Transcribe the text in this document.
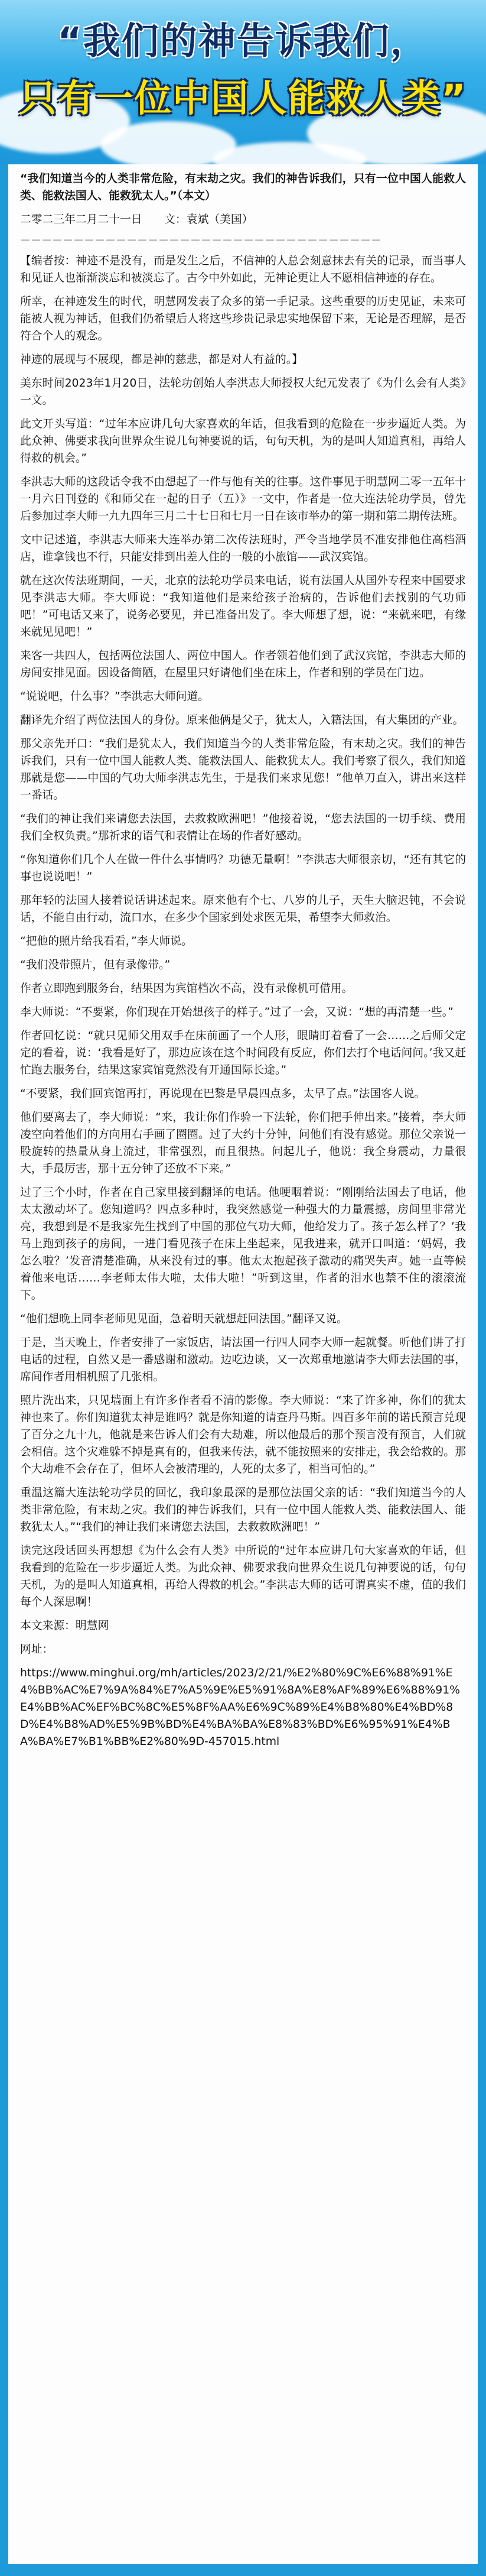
“我们的神告诉我们，
只有一位中国人能救人类”

“我们知道当今的人类非常危险，有末劫之灾。我们的神告诉我们，只有一位中国人能救人类、能救法国人、能救犹太人。”（本文）

二零二三年二月二十一日　　文：袁斌（美国）

－－－－－－－－－－－－－－－－－－－－－－－－－－－－－－－－－－

【编者按：神迹不是没有，而是发生之后，不信神的人总会刻意抹去有关的记录，而当事人和见证人也渐渐淡忘和被淡忘了。古今中外如此，无神论更让人不愿相信神迹的存在。

所幸，在神迹发生的时代，明慧网发表了众多的第一手记录。这些重要的历史见证，未来可能被人视为神话，但我们仍希望后人将这些珍贵记录忠实地保留下来，无论是否理解，是否符合个人的观念。

神迹的展现与不展现，都是神的慈悲，都是对人有益的。】

美东时间2023年1月20日，法轮功创始人李洪志大师授权大纪元发表了《为什么会有人类》一文。

此文开头写道：“过年本应讲几句大家喜欢的年话，但我看到的危险在一步步逼近人类。为此众神、佛要求我向世界众生说几句神要说的话，句句天机，为的是叫人知道真相，再给人得救的机会。”

李洪志大师的这段话令我不由想起了一件与他有关的往事。这件事见于明慧网二零一五年十一月六日刊登的《和师父在一起的日子（五）》一文中，作者是一位大连法轮功学员，曾先后参加过李大师一九九四年三月二十七日和七月一日在该市举办的第一期和第二期传法班。

文中记述道，李洪志大师来大连举办第二次传法班时，严令当地学员不准安排他住高档酒店，谁拿钱也不行，只能安排到出差人住的一般的小旅馆——武汉宾馆。

就在这次传法班期间，一天，北京的法轮功学员来电话，说有法国人从国外专程来中国要求见李洪志大师。李大师说：“我知道他们是来给孩子治病的，告诉他们去找别的气功师吧！”可电话又来了，说务必要见，并已准备出发了。李大师想了想，说：“来就来吧，有缘来就见见吧！”

来客一共四人，包括两位法国人、两位中国人。作者领着他们到了武汉宾馆，李洪志大师的房间安排见面。因设备简陋，在屋里只好请他们坐在床上，作者和别的学员在门边。

“说说吧，什么事？”李洪志大师问道。

翻译先介绍了两位法国人的身份。原来他俩是父子，犹太人，入籍法国，有大集团的产业。

那父亲先开口：“我们是犹太人，我们知道当今的人类非常危险，有末劫之灾。我们的神告诉我们，只有一位中国人能救人类、能救法国人、能救犹太人。我们考察了很久，我们知道那就是您——中国的气功大师李洪志先生，于是我们来求见您！”他单刀直入，讲出来这样一番话。

“我们的神让我们来请您去法国，去救救欧洲吧！”他接着说，“您去法国的一切手续、费用我们全权负责。”那祈求的语气和表情让在场的作者好感动。

“你知道你们几个人在做一件什么事情吗？功德无量啊！”李洪志大师很亲切，“还有其它的事也说说吧！”

那年轻的法国人接着说话讲述起来。原来他有个七、八岁的儿子，天生大脑迟钝，不会说话，不能自由行动，流口水，在多少个国家到处求医无果，希望李大师救治。

“把他的照片给我看看，”李大师说。

“我们没带照片，但有录像带。”

作者立即跑到服务台，结果因为宾馆档次不高，没有录像机可借用。

李大师说：“不要紧，你们现在开始想孩子的样子。”过了一会，又说：“想的再清楚一些。”

作者回忆说：“就只见师父用双手在床前画了一个人形，眼睛盯着看了一会……之后师父定定的看着，说：‘我看是好了，那边应该在这个时间段有反应，你们去打个电话问问。’我又赶忙跑去服务台，结果这家宾馆竟然没有开通国际长途。”

“不要紧，我们回宾馆再打，再说现在巴黎是早晨四点多，太早了点。”法国客人说。

他们要离去了，李大师说：“来，我让你们作验一下法轮，你们把手伸出来。”接着，李大师凌空向着他们的方向用右手画了圈圈。过了大约十分钟，问他们有没有感觉。那位父亲说一股旋转的热量从身上流过，非常强烈，而且很热。问起儿子，他说：我全身震动，力量很大，手最厉害，那十五分钟了还放不下来。”

过了三个小时，作者在自己家里接到翻译的电话。他哽咽着说：“刚刚给法国去了电话，他太太激动坏了。您知道吗？四点多种时，我突然感觉一种强大的力量震撼，房间里非常光亮，我想到是不是我家先生找到了中国的那位气功大师，他给发力了。孩子怎么样了？’我马上跑到孩子的房间，一进门看见孩子在床上坐起来，见我进来，就开口叫道：‘妈妈，我怎么啦？’发音清楚准确，从来没有过的事。他太太抱起孩子激动的痛哭失声。她一直等候着他来电话……李老师太伟大啦，太伟大啦！”听到这里，作者的泪水也禁不住的滚滚流下。

“他们想晚上同李老师见见面，急着明天就想赶回法国。”翻译又说。

于是，当天晚上，作者安排了一家饭店，请法国一行四人同李大师一起就餐。听他们讲了打电话的过程，自然又是一番感谢和激动。边吃边谈，又一次郑重地邀请李大师去法国的事，席间作者用相机照了几张相。

照片洗出来，只见墙面上有许多作者看不清的影像。李大师说：“来了许多神，你们的犹太神也来了。你们知道犹太神是谁吗？就是你知道的请查丹马斯。四百多年前的诺氏预言兑现了百分之九十九，他就是来告诉人们会有大劫难，所以他最后的那个预言没有预言，人们就会相信。这个灾难躲不掉是真有的，但我来传法，就不能按照来的安排走，我会给救的。那个大劫难不会存在了，但坏人会被清理的，人死的太多了，相当可怕的。”

重温这篇大连法轮功学员的回忆，我印象最深的是那位法国父亲的话：“我们知道当今的人类非常危险，有末劫之灾。我们的神告诉我们，只有一位中国人能救人类、能救法国人、能救犹太人。”“我们的神让我们来请您去法国，去救救欧洲吧！”

读完这段话回头再想想《为什么会有人类》中所说的“过年本应讲几句大家喜欢的年话，但我看到的危险在一步步逼近人类。为此众神、佛要求我向世界众生说几句神要说的话，句句天机，为的是叫人知道真相，再给人得救的机会。”李洪志大师的话可谓真实不虚，值的我们每个人深思啊！

本文来源：明慧网

网址：

https://www.minghui.org/mh/articles/2023/2/21/%E2%80%9C%E6%88%91%E4%BB%AC%E7%9A%84%E7%A5%9E%E5%91%8A%E8%AF%89%E6%88%91%E4%BB%AC%EF%BC%8C%E5%8F%AA%E6%9C%89%E4%B8%80%E4%BD%8D%E4%B8%AD%E5%9B%BD%E4%BA%BA%E8%83%BD%E6%95%91%E4%BA%BA%E7%B1%BB%E2%80%9D-457015.html
